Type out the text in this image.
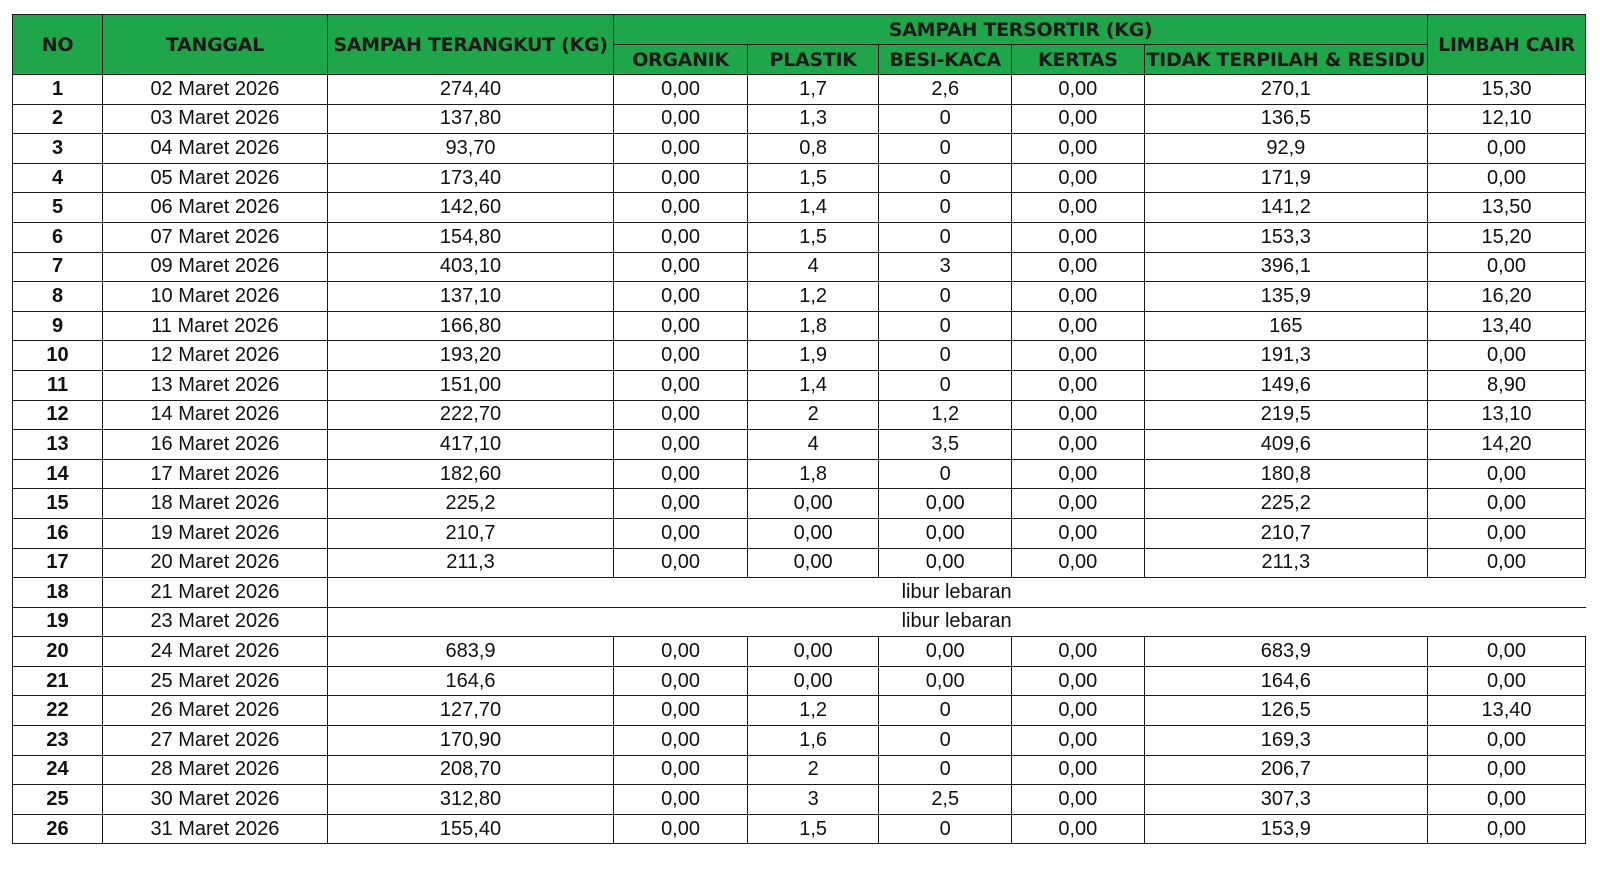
NO	TANGGAL	SAMPAH TERANGKUT (KG)	SAMPAH TERSORTIR (KG)					LIMBAH CAIR
			ORGANIK	PLASTIK	BESI-KACA	KERTAS	TIDAK TERPILAH & RESIDU	
1	02 Maret 2026	274,40	0,00	1,7	2,6	0,00	270,1	15,30
2	03 Maret 2026	137,80	0,00	1,3	0	0,00	136,5	12,10
3	04 Maret 2026	93,70	0,00	0,8	0	0,00	92,9	0,00
4	05 Maret 2026	173,40	0,00	1,5	0	0,00	171,9	0,00
5	06 Maret 2026	142,60	0,00	1,4	0	0,00	141,2	13,50
6	07 Maret 2026	154,80	0,00	1,5	0	0,00	153,3	15,20
7	09 Maret 2026	403,10	0,00	4	3	0,00	396,1	0,00
8	10 Maret 2026	137,10	0,00	1,2	0	0,00	135,9	16,20
9	11 Maret 2026	166,80	0,00	1,8	0	0,00	165	13,40
10	12 Maret 2026	193,20	0,00	1,9	0	0,00	191,3	0,00
11	13 Maret 2026	151,00	0,00	1,4	0	0,00	149,6	8,90
12	14 Maret 2026	222,70	0,00	2	1,2	0,00	219,5	13,10
13	16 Maret 2026	417,10	0,00	4	3,5	0,00	409,6	14,20
14	17 Maret 2026	182,60	0,00	1,8	0	0,00	180,8	0,00
15	18 Maret 2026	225,2	0,00	0,00	0,00	0,00	225,2	0,00
16	19 Maret 2026	210,7	0,00	0,00	0,00	0,00	210,7	0,00
17	20 Maret 2026	211,3	0,00	0,00	0,00	0,00	211,3	0,00
18	21 Maret 2026	libur lebaran						
19	23 Maret 2026	libur lebaran						
20	24 Maret 2026	683,9	0,00	0,00	0,00	0,00	683,9	0,00
21	25 Maret 2026	164,6	0,00	0,00	0,00	0,00	164,6	0,00
22	26 Maret 2026	127,70	0,00	1,2	0	0,00	126,5	13,40
23	27 Maret 2026	170,90	0,00	1,6	0	0,00	169,3	0,00
24	28 Maret 2026	208,70	0,00	2	0	0,00	206,7	0,00
25	30 Maret 2026	312,80	0,00	3	2,5	0,00	307,3	0,00
26	31 Maret 2026	155,40	0,00	1,5	0	0,00	153,9	0,00
